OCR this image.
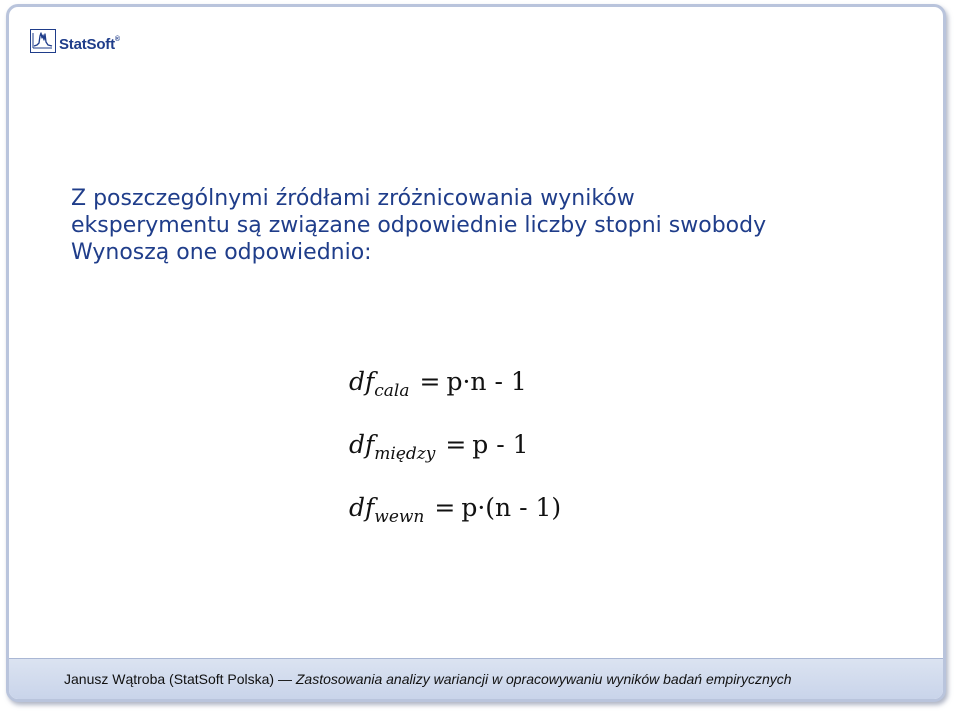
StatSoft®
Z poszczególnymi źródłami zróżnicowania wyników
eksperymentu są związane odpowiednie liczby stopni swobody
Wynoszą one odpowiednio:
$df_{cala} = p\cdot n - 1$
$df_{między} = p - 1$
$df_{wewn} = p\cdot(n - 1)$
Janusz Wątroba (StatSoft Polska) — Zastosowania analizy wariancji w opracowywaniu wyników badań empirycznych
